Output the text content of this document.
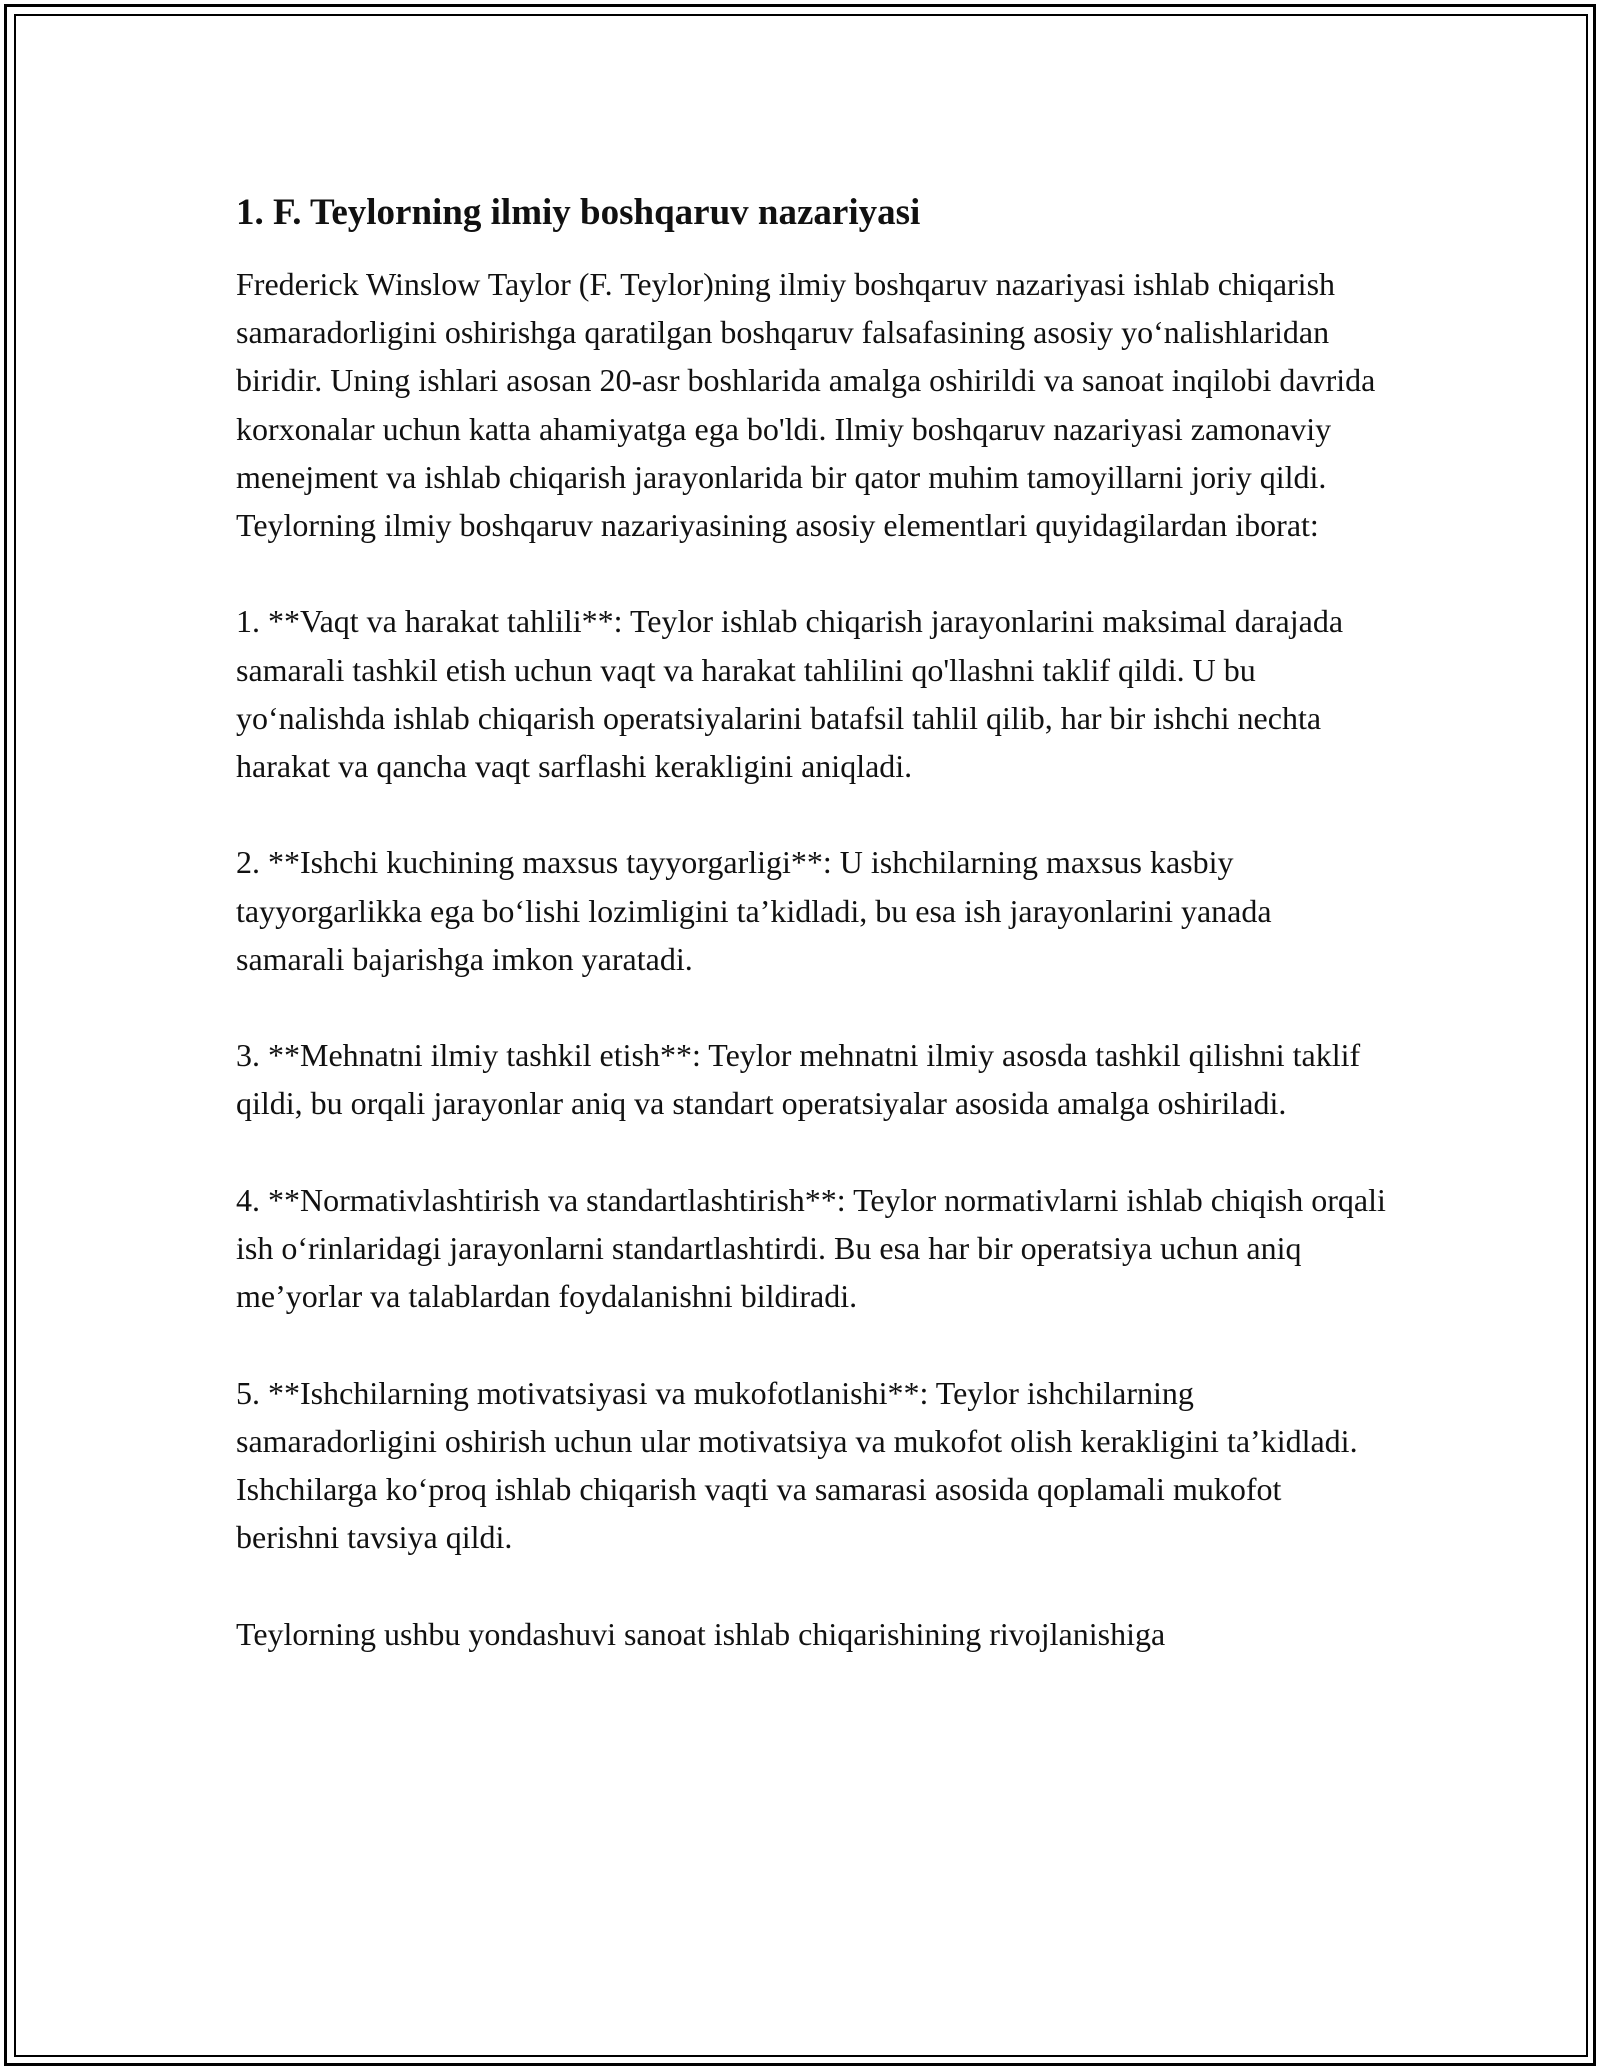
1. F. Teylorning ilmiy boshqaruv nazariyasi

Frederick Winslow Taylor (F. Teylor)ning ilmiy boshqaruv nazariyasi ishlab chiqarish samaradorligini oshirishga qaratilgan boshqaruv falsafasining asosiy yo‘nalishlaridan biridir. Uning ishlari asosan 20-asr boshlarida amalga oshirildi va sanoat inqilobi davrida korxonalar uchun katta ahamiyatga ega bo'ldi. Ilmiy boshqaruv nazariyasi zamonaviy menejment va ishlab chiqarish jarayonlarida bir qator muhim tamoyillarni joriy qildi. Teylorning ilmiy boshqaruv nazariyasining asosiy elementlari quyidagilardan iborat:

1. **Vaqt va harakat tahlili**: Teylor ishlab chiqarish jarayonlarini maksimal darajada samarali tashkil etish uchun vaqt va harakat tahlilini qo'llashni taklif qildi. U bu yo‘nalishda ishlab chiqarish operatsiyalarini batafsil tahlil qilib, har bir ishchi nechta harakat va qancha vaqt sarflashi kerakligini aniqladi.

2. **Ishchi kuchining maxsus tayyorgarligi**: U ishchilarning maxsus kasbiy tayyorgarlikka ega bo‘lishi lozimligini ta’kidladi, bu esa ish jarayonlarini yanada samarali bajarishga imkon yaratadi.

3. **Mehnatni ilmiy tashkil etish**: Teylor mehnatni ilmiy asosda tashkil qilishni taklif qildi, bu orqali jarayonlar aniq va standart operatsiyalar asosida amalga oshiriladi.

4. **Normativlashtirish va standartlashtirish**: Teylor normativlarni ishlab chiqish orqali ish o‘rinlaridagi jarayonlarni standartlashtirdi. Bu esa har bir operatsiya uchun aniq me’yorlar va talablardan foydalanishni bildiradi.

5. **Ishchilarning motivatsiyasi va mukofotlanishi**: Teylor ishchilarning samaradorligini oshirish uchun ular motivatsiya va mukofot olish kerakligini ta’kidladi. Ishchilarga ko‘proq ishlab chiqarish vaqti va samarasi asosida qoplamali mukofot berishni tavsiya qildi.

Teylorning ushbu yondashuvi sanoat ishlab chiqarishining rivojlanishiga
